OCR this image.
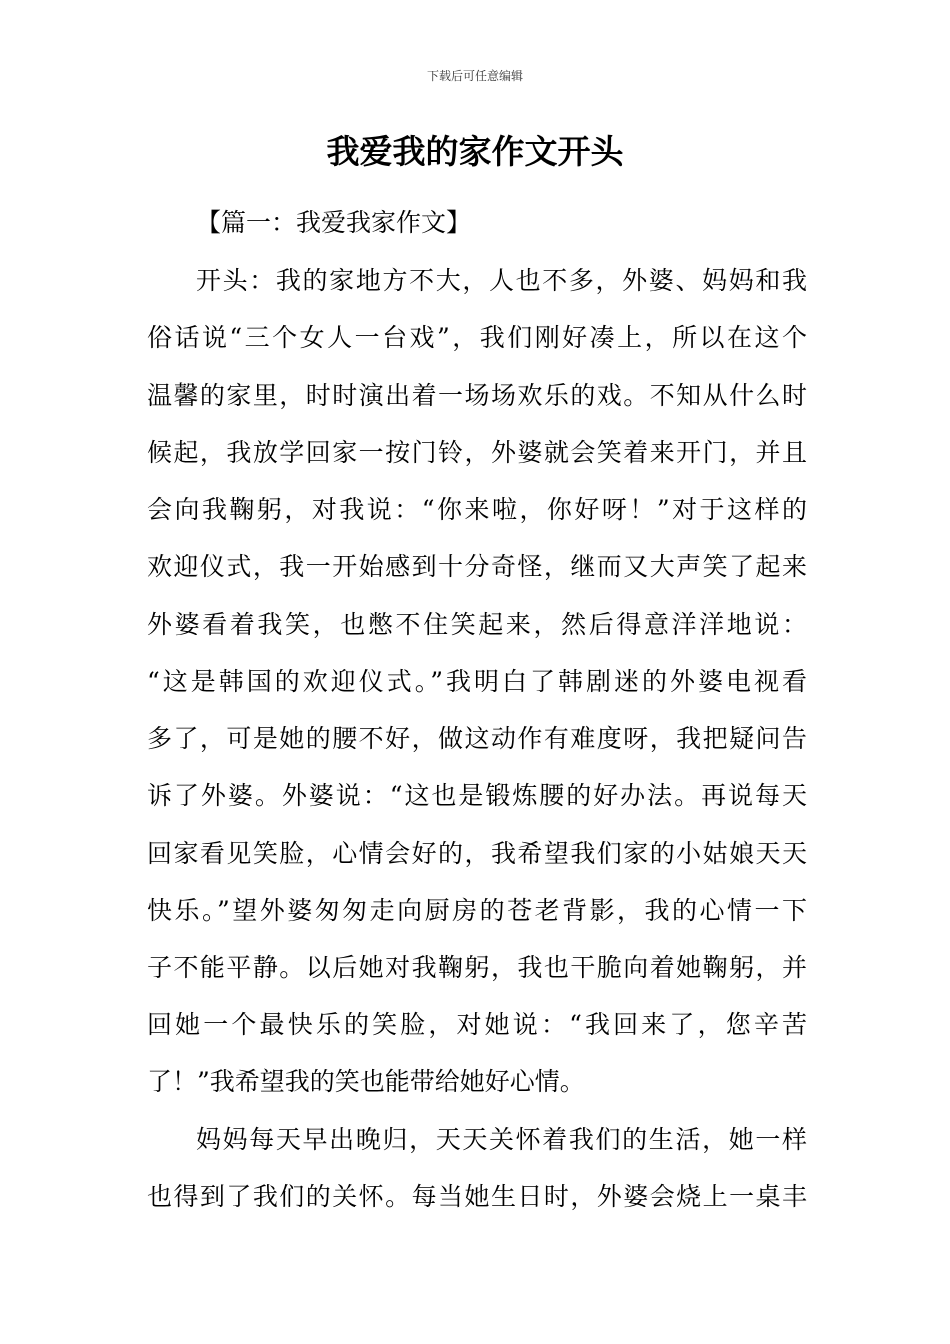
下载后可任意编辑
我爱我的家作文开头

【篇一：我爱我家作文】

开头：我的家地方不大，人也不多，外婆、妈妈和我

俗话说“三个女人一台戏”，我们刚好凑上，所以在这个

温馨的家里，时时演出着一场场欢乐的戏。不知从什么时

候起，我放学回家一按门铃，外婆就会笑着来开门，并且

会向我鞠躬，对我说：“你来啦，你好呀！”对于这样的

欢迎仪式，我一开始感到十分奇怪，继而又大声笑了起来

外婆看着我笑，也憋不住笑起来，然后得意洋洋地说：

“这是韩国的欢迎仪式。”我明白了韩剧迷的外婆电视看

多了，可是她的腰不好，做这动作有难度呀，我把疑问告

诉了外婆。外婆说：“这也是锻炼腰的好办法。再说每天

回家看见笑脸，心情会好的，我希望我们家的小姑娘天天

快乐。”望外婆匆匆走向厨房的苍老背影，我的心情一下

子不能平静。以后她对我鞠躬，我也干脆向着她鞠躬，并

回她一个最快乐的笑脸，对她说：“我回来了，您辛苦

了！”我希望我的笑也能带给她好心情。

妈妈每天早出晚归，天天关怀着我们的生活，她一样

也得到了我们的关怀。每当她生日时，外婆会烧上一桌丰
